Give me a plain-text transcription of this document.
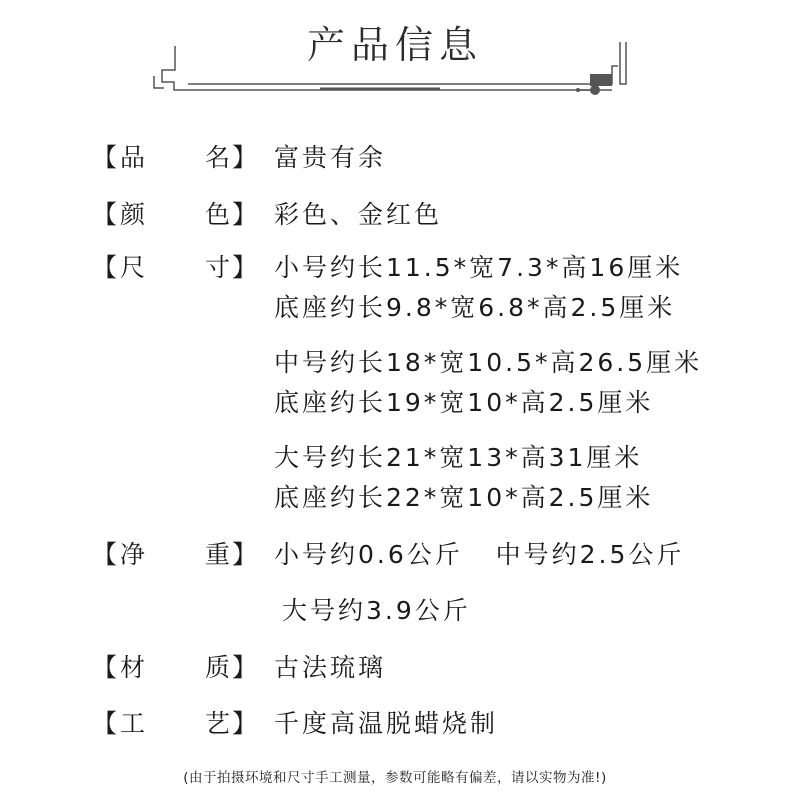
产品信息
【 品 名
】 富贵有余
【 颜 色
】 彩色、金红色
【 尺 寸
】 小号约长11.5*宽7.3*高16厘米
底座约长9.8*宽6.8*高2.5厘米
中号约长18*宽10.5*高26.5厘米
底座约长19*宽10*高2.5厘米
大号约长21*宽13*高31厘米
底座约长22*宽10*高2.5厘米
【 净 重
】 小号约0.6公斤   中号约2.5公斤
大号约3.9公斤
【 材 质
】 古法琉璃
【 工 艺
】 千度高温脱蜡烧制
(由于拍摄环境和尺寸手工测量，参数可能略有偏差，请以实物为准!)
